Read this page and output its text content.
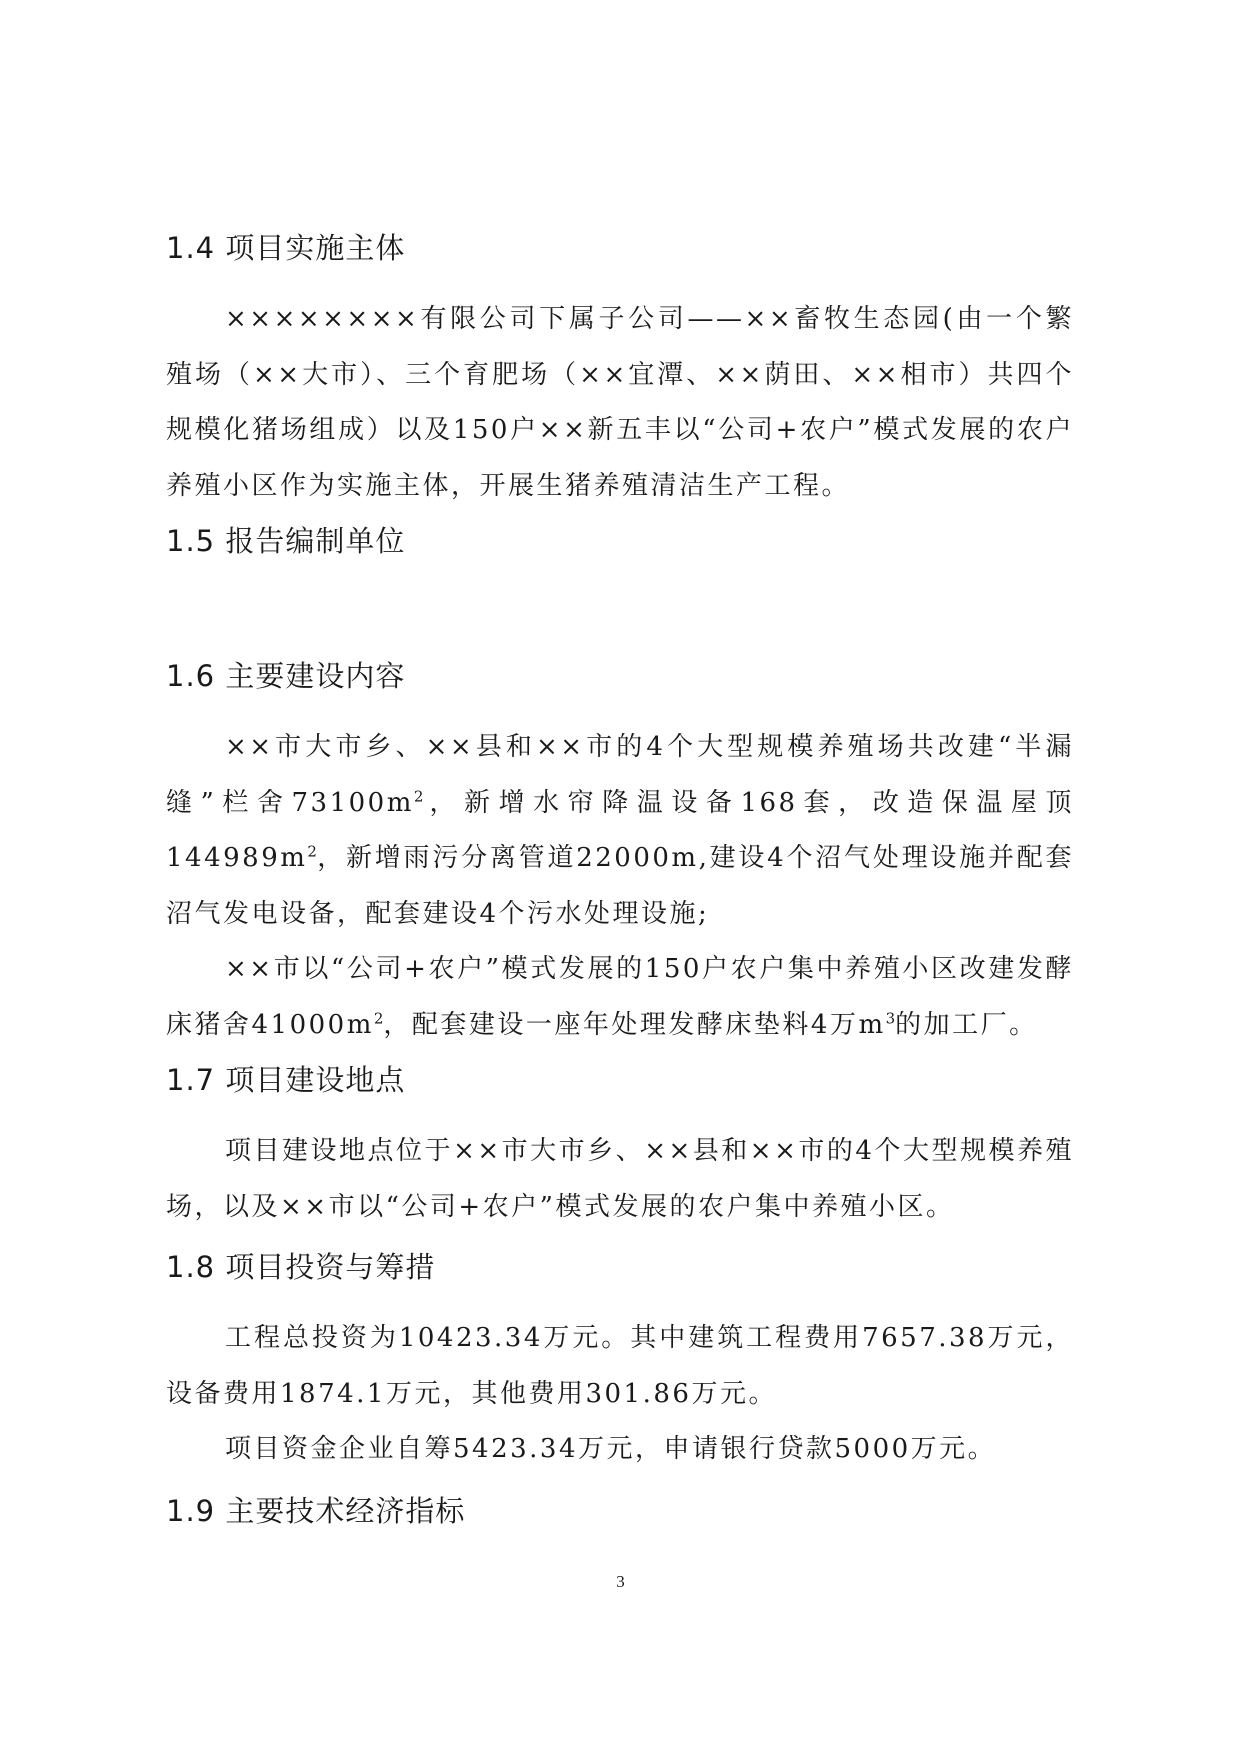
1.4 项目实施主体

××××××××有限公司下属子公司——××畜牧生态园(由一个繁殖场（××大市）、三个育肥场（××宜潭、××荫田、××相市）共四个规模化猪场组成）以及150户××新五丰以“公司+农户”模式发展的农户养殖小区作为实施主体，开展生猪养殖清洁生产工程。

1.5 报告编制单位
1.6 主要建设内容

××市大市乡、××县和××市的4个大型规模养殖场共改建“半漏缝”栏舍$73100m^2$，新增水帘降温设备168套，改造保温屋顶$144989m^2$，新增雨污分离管道22000m,建设4个沼气处理设施并配套沼气发电设备，配套建设4个污水处理设施;

××市以“公司+农户”模式发展的150户农户集中养殖小区改建发酵床猪舍$41000m^2$，配套建设一座年处理发酵床垫料4万$m^3$的加工厂。

1.7 项目建设地点

项目建设地点位于××市大市乡、××县和××市的4个大型规模养殖场，以及××市以“公司+农户”模式发展的农户集中养殖小区。

1.8 项目投资与筹措

工程总投资为10423.34万元。其中建筑工程费用7657.38万元，设备费用1874.1万元，其他费用301.86万元。

项目资金企业自筹5423.34万元，申请银行贷款5000万元。

1.9 主要技术经济指标
3
